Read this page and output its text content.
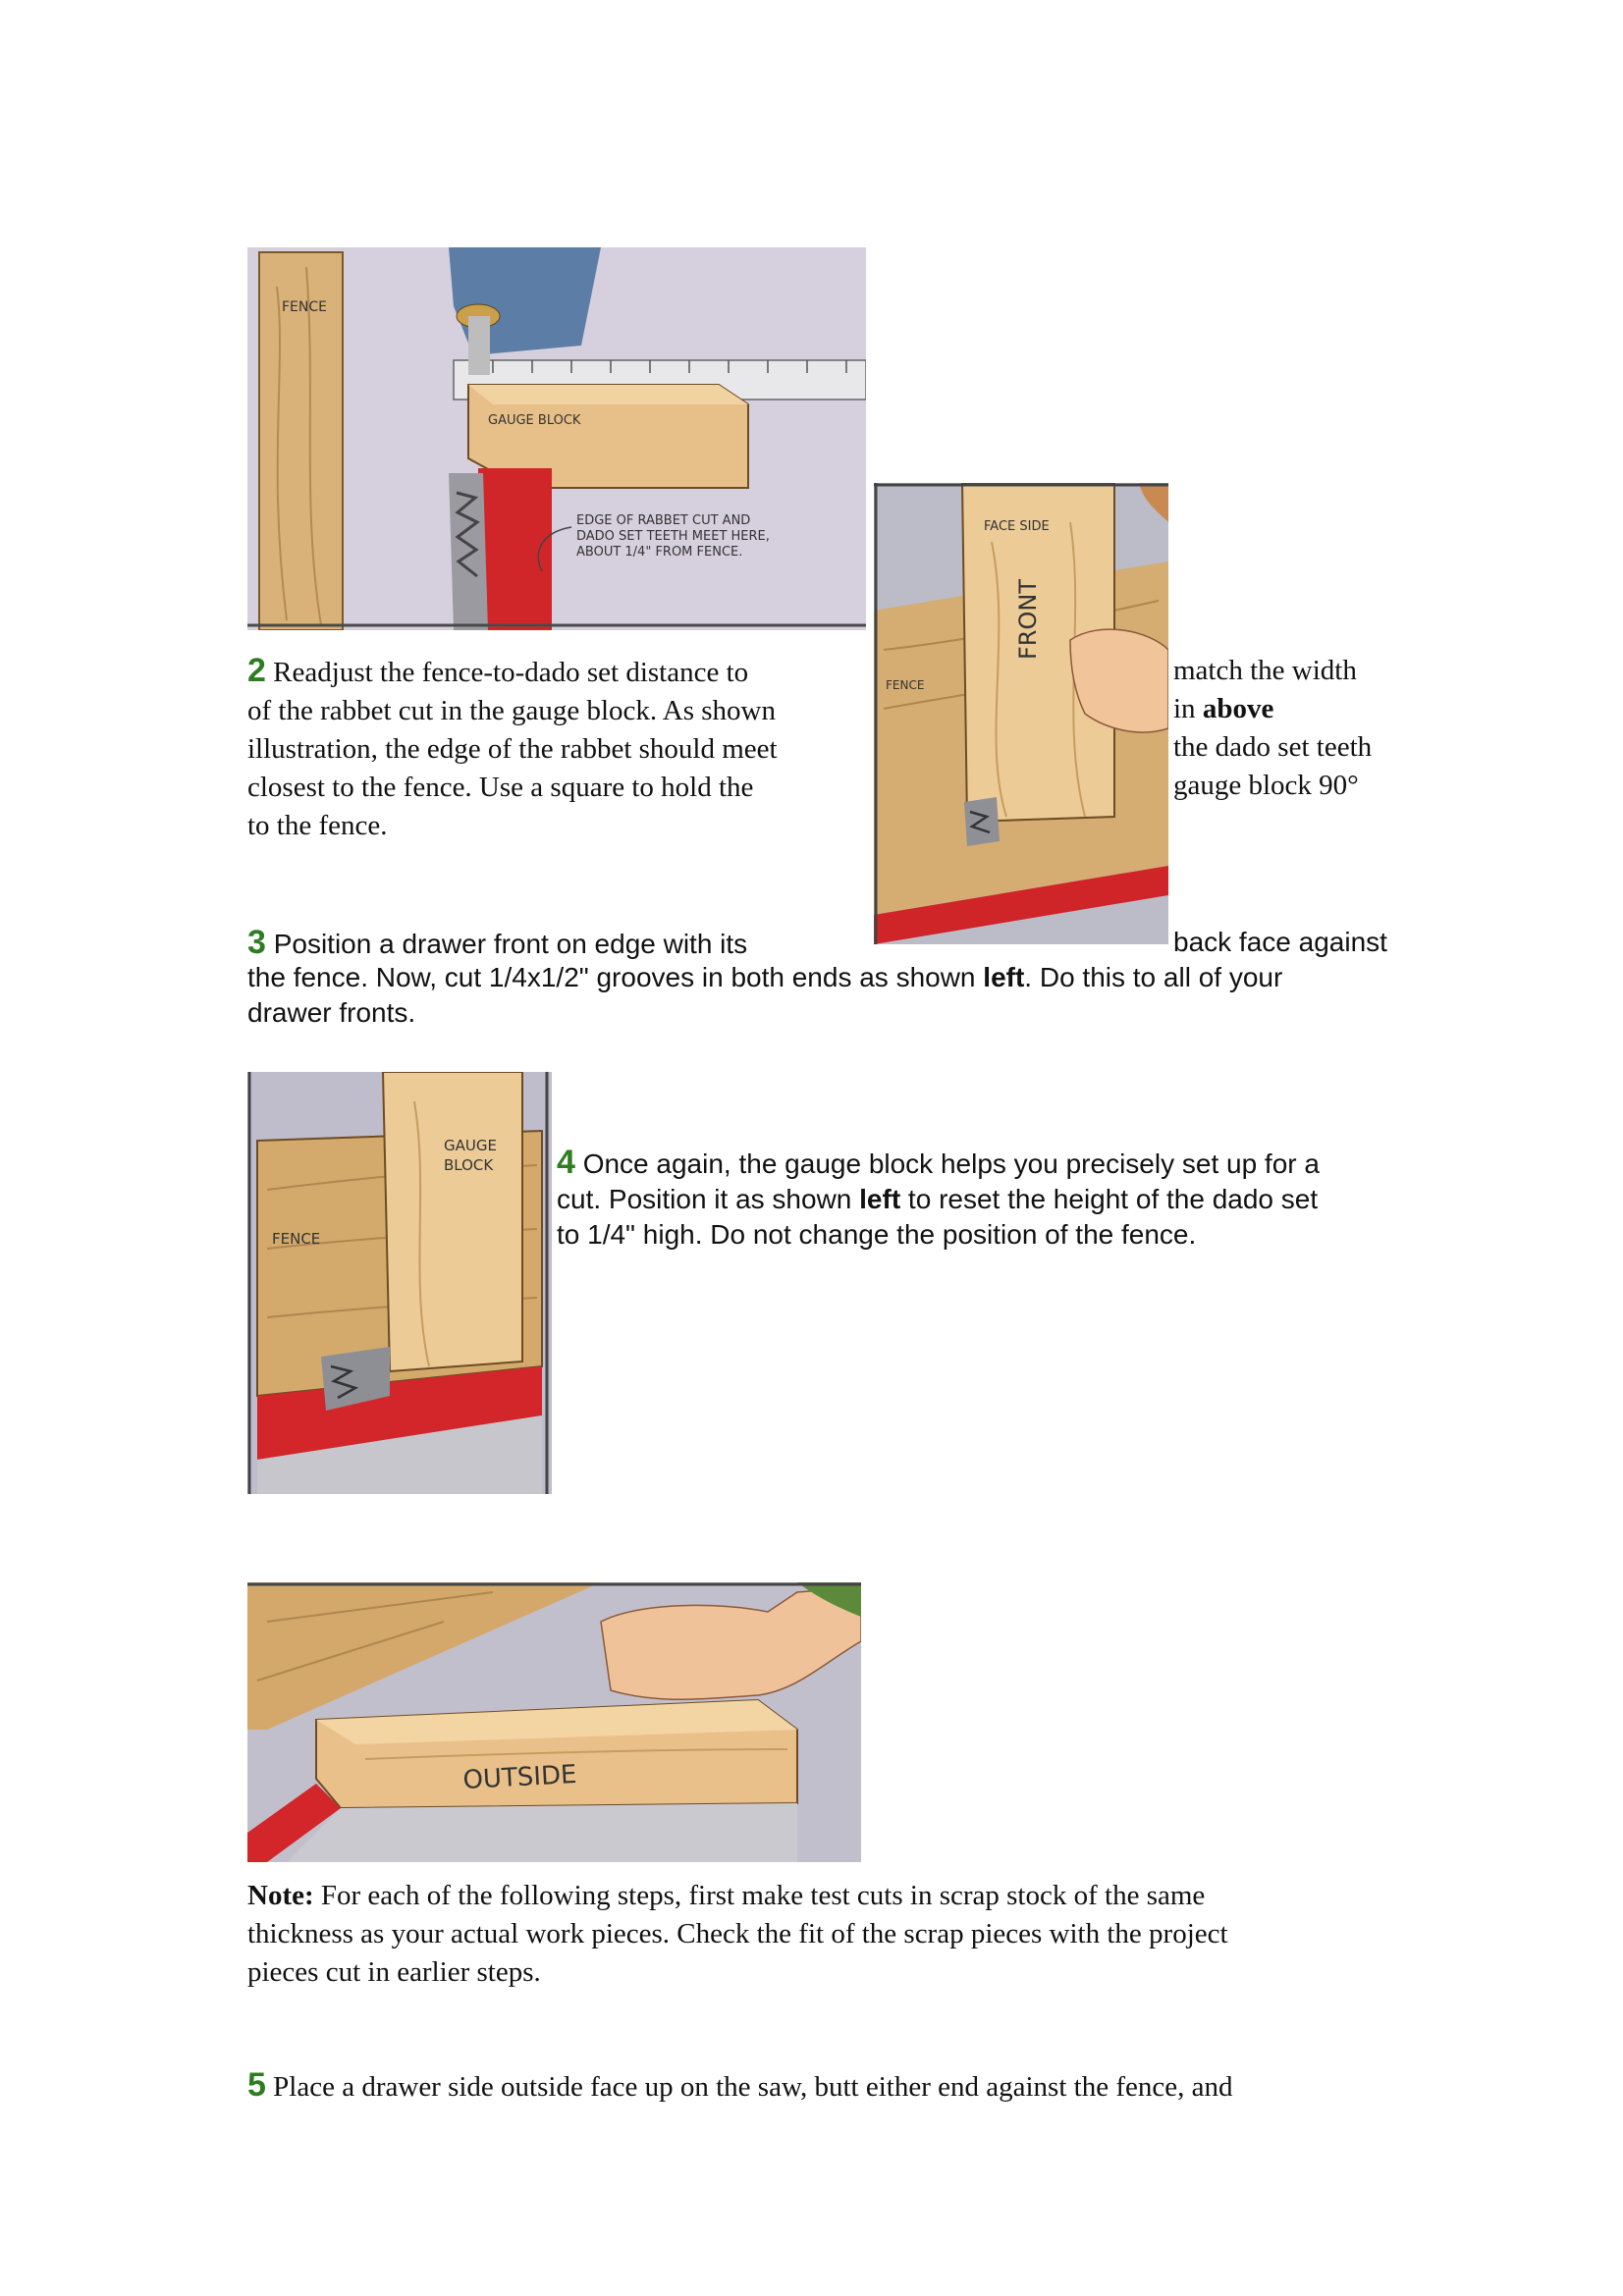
FENCE
GAUGE BLOCK
EDGE OF RABBET CUT AND
DADO SET TEETH MEET HERE,
ABOUT 1/4" FROM FENCE.
FACE SIDE
FRONT
FENCE
2 Readjust the fence-to-dado set distance to
of the rabbet cut in the gauge block. As shown
illustration, the edge of the rabbet should meet
closest to the fence. Use a square to hold the
to the fence.
match the width
in above
the dado set teeth
gauge block 90°
3 Position a drawer front on edge with its	back face against
the fence. Now, cut 1/4x1/2" grooves in both ends as shown left. Do this to all of your
drawer fronts.
GAUGE
BLOCK
FENCE
4 Once again, the gauge block helps you precisely set up for a
cut. Position it as shown left to reset the height of the dado set
to 1/4" high. Do not change the position of the fence.
OUTSIDE
Note: For each of the following steps, first make test cuts in scrap stock of the same
thickness as your actual work pieces. Check the fit of the scrap pieces with the project
pieces cut in earlier steps.
5 Place a drawer side outside face up on the saw, butt either end against the fence, and
